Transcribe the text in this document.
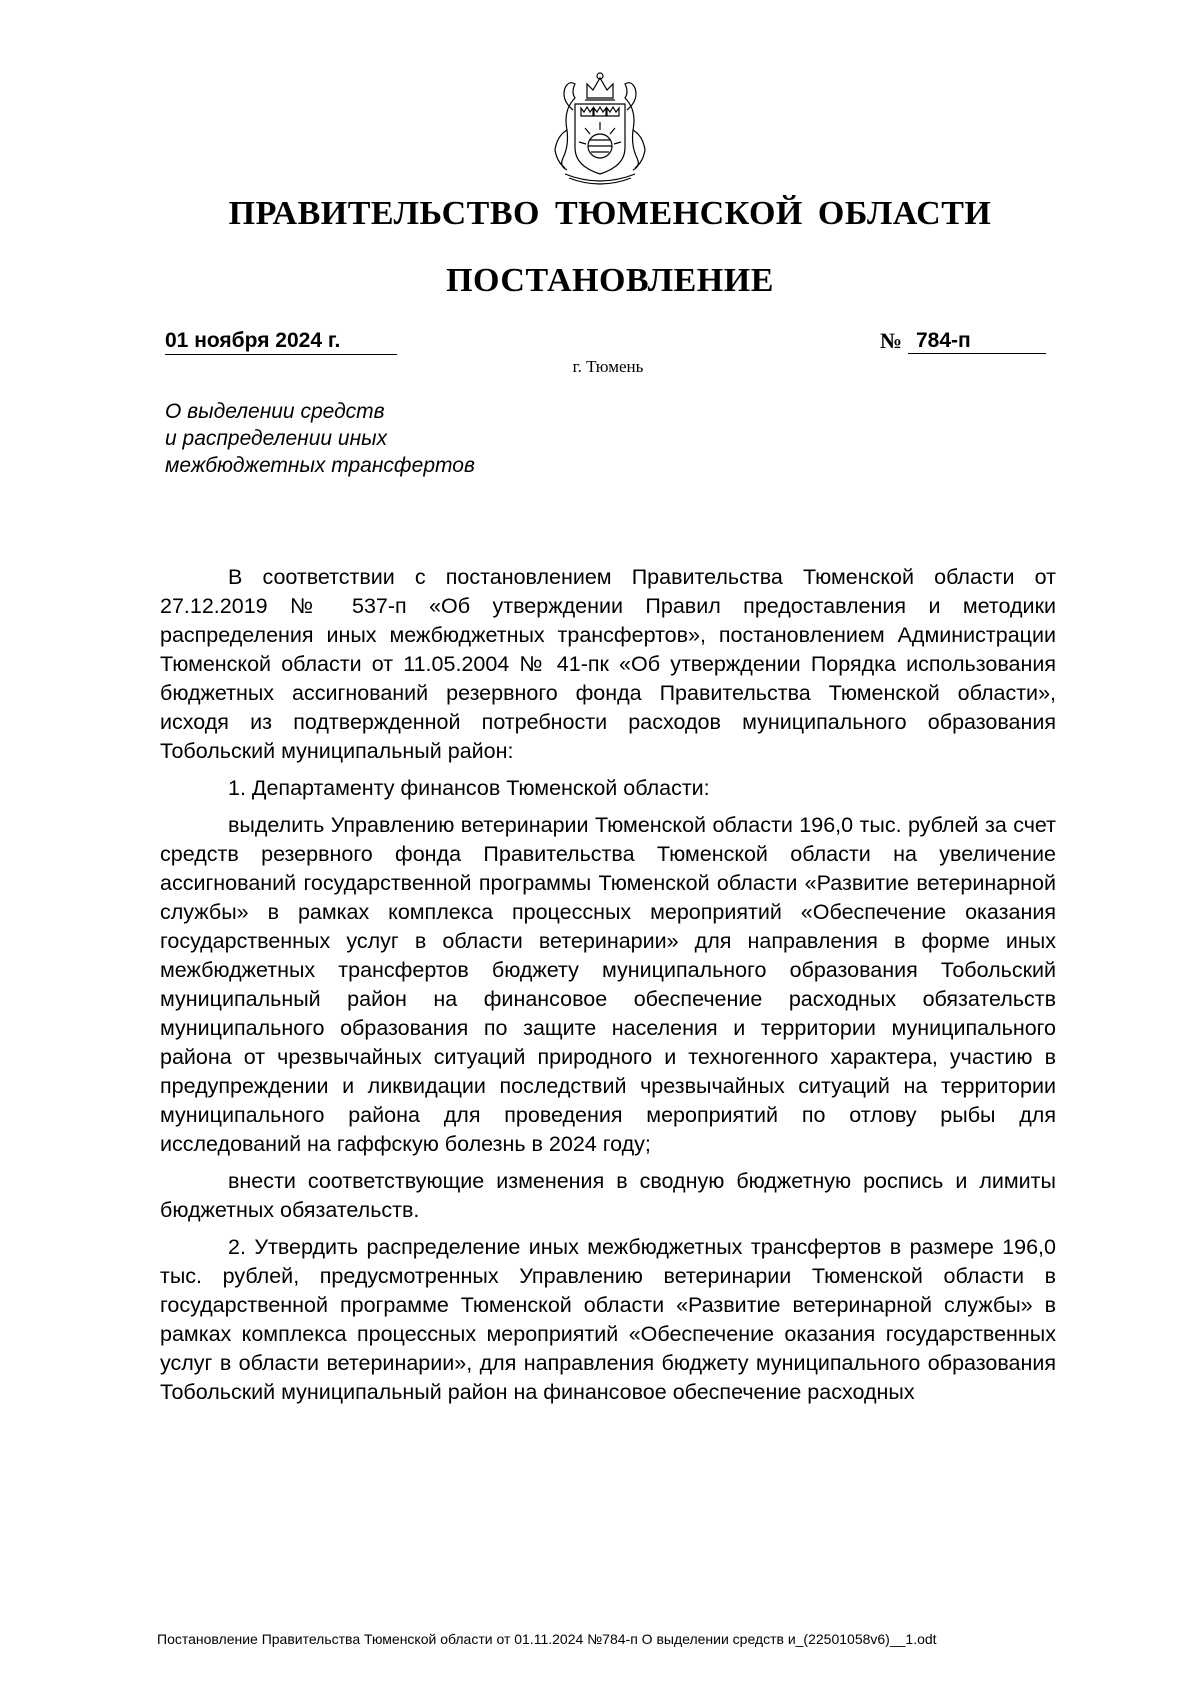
ПРАВИТЕЛЬСТВО ТЮМЕНСКОЙ ОБЛАСТИ
ПОСТАНОВЛЕНИЕ
01 ноября 2024 г.	№ 784-п
г. Тюмень
О выделении средств
и распределении иных
межбюджетных трансфертов

В соответствии с постановлением Правительства Тюменской области от 27.12.2019 № 537-п «Об утверждении Правил предоставления и методики распределения иных межбюджетных трансфертов», постановлением Администрации Тюменской области от 11.05.2004 № 41-пк «Об утверждении Порядка использования бюджетных ассигнований резервного фонда Правительства Тюменской области», исходя из подтвержденной потребности расходов муниципального образования Тобольский муниципальный район:

1. Департаменту финансов Тюменской области:

выделить Управлению ветеринарии Тюменской области 196,0 тыс. рублей за счет средств резервного фонда Правительства Тюменской области на увеличение ассигнований государственной программы Тюменской области «Развитие ветеринарной службы» в рамках комплекса процессных мероприятий «Обеспечение оказания государственных услуг в области ветеринарии» для направления в форме иных межбюджетных трансфертов бюджету муниципального образования Тобольский муниципальный район на финансовое обеспечение расходных обязательств муниципального образования по защите населения и территории муниципального района от чрезвычайных ситуаций природного и техногенного характера, участию в предупреждении и ликвидации последствий чрезвычайных ситуаций на территории муниципального района для проведения мероприятий по отлову рыбы для исследований на гаффскую болезнь в 2024 году;

внести соответствующие изменения в сводную бюджетную роспись и лимиты бюджетных обязательств.

2. Утвердить распределение иных межбюджетных трансфертов в размере 196,0 тыс. рублей, предусмотренных Управлению ветеринарии Тюменской области в государственной программе Тюменской области «Развитие ветеринарной службы» в рамках комплекса процессных мероприятий «Обеспечение оказания государственных услуг в области ветеринарии», для направления бюджету муниципального образования Тобольский муниципальный район на финансовое обеспечение расходных

Постановление Правительства Тюменской области от 01.11.2024 №784-п О выделении средств и_(22501058v6)__1.odt
